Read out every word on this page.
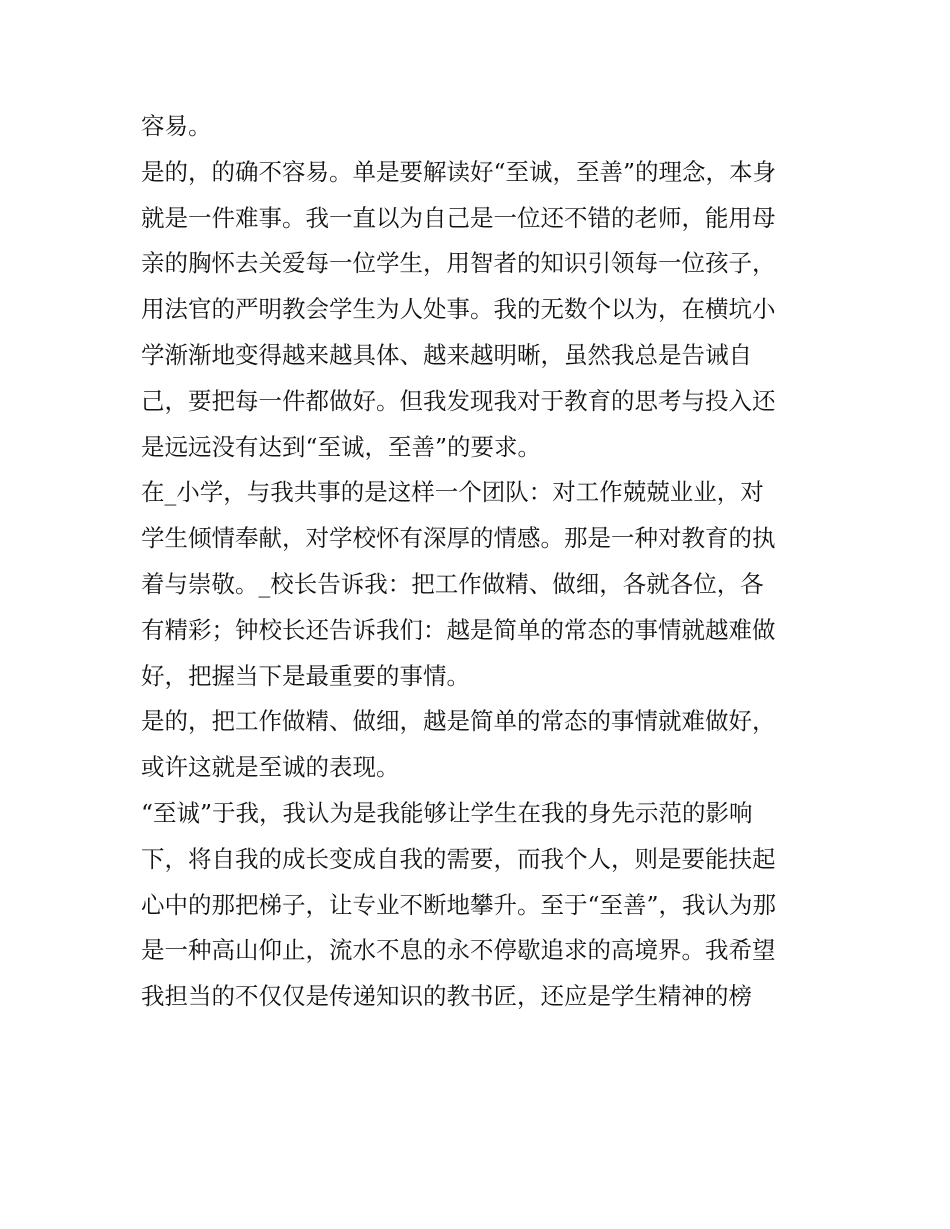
容易。
是的，的确不容易。单是要解读好“至诚，至善”的理念，本身
就是一件难事。我一直以为自己是一位还不错的老师，能用母
亲的胸怀去关爱每一位学生，用智者的知识引领每一位孩子，
用法官的严明教会学生为人处事。我的无数个以为，在横坑小
学渐渐地变得越来越具体、越来越明晰，虽然我总是告诫自
己，要把每一件都做好。但我发现我对于教育的思考与投入还
是远远没有达到“至诚，至善”的要求。
在_小学，与我共事的是这样一个团队：对工作兢兢业业，对
学生倾情奉献，对学校怀有深厚的情感。那是一种对教育的执
着与崇敬。_校长告诉我：把工作做精、做细，各就各位，各
有精彩；钟校长还告诉我们：越是简单的常态的事情就越难做
好，把握当下是最重要的事情。
是的，把工作做精、做细，越是简单的常态的事情就难做好，
或许这就是至诚的表现。
“至诚”于我，我认为是我能够让学生在我的身先示范的影响
下，将自我的成长变成自我的需要，而我个人，则是要能扶起
心中的那把梯子，让专业不断地攀升。至于“至善”，我认为那
是一种高山仰止，流水不息的永不停歇追求的高境界。我希望
我担当的不仅仅是传递知识的教书匠，还应是学生精神的榜
